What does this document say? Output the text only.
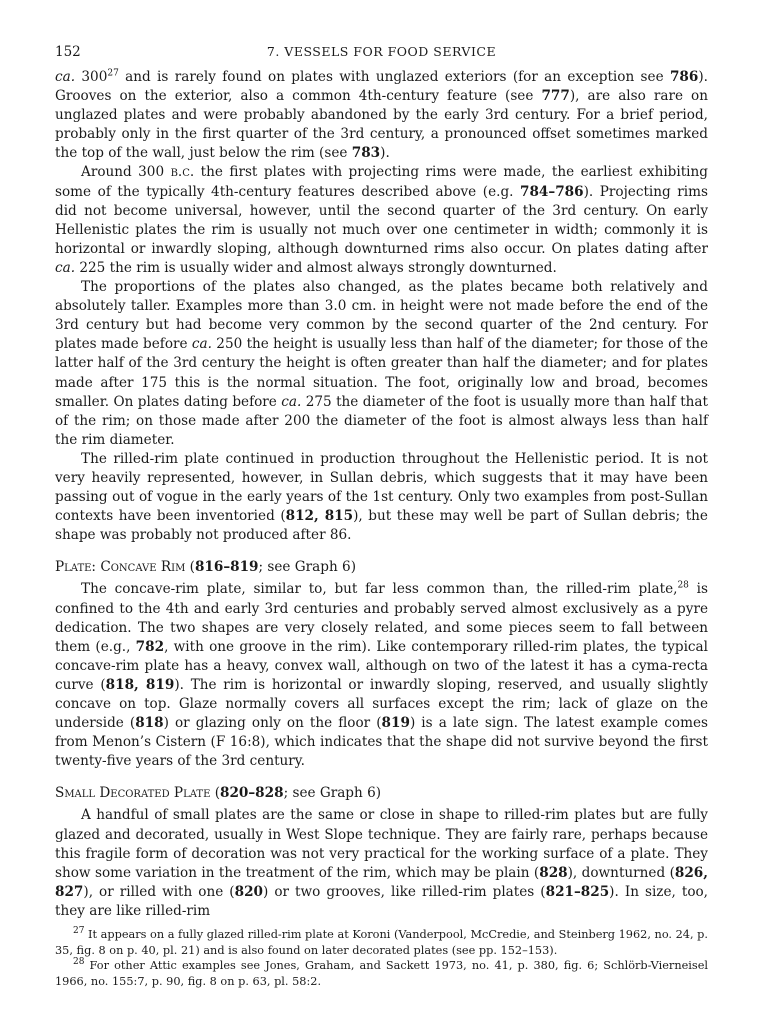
152	7. VESSELS FOR FOOD SERVICE

ca. $300^{27}$ and is rarely found on plates with unglazed exteriors (for an exception see 786). Grooves on the exterior, also a common 4th-century feature (see 777), are also rare on unglazed plates and were probably abandoned by the early 3rd century. For a brief period, probably only in the first quarter of the 3rd century, a pronounced offset sometimes marked the top of the wall, just below the rim (see 783).

Around 300 b.c. the first plates with projecting rims were made, the earliest exhibiting some of the typically 4th-century features described above (e.g. 784–786). Projecting rims did not become universal, however, until the second quarter of the 3rd century. On early Hellenistic plates the rim is usually not much over one centimeter in width; commonly it is horizontal or inwardly sloping, although downturned rims also occur. On plates dating after ca. 225 the rim is usually wider and almost always strongly downturned.

The proportions of the plates also changed, as the plates became both relatively and absolutely taller. Examples more than 3.0 cm. in height were not made before the end of the 3rd century but had become very common by the second quarter of the 2nd century. For plates made before ca. 250 the height is usually less than half of the diameter; for those of the latter half of the 3rd century the height is often greater than half the diameter; and for plates made after 175 this is the normal situation. The foot, originally low and broad, becomes smaller. On plates dating before ca. 275 the diameter of the foot is usually more than half that of the rim; on those made after 200 the diameter of the foot is almost always less than half the rim diameter.

The rilled-rim plate continued in production throughout the Hellenistic period. It is not very heavily represented, however, in Sullan debris, which suggests that it may have been passing out of vogue in the early years of the 1st century. Only two examples from post-Sullan contexts have been inventoried (812, 815), but these may well be part of Sullan debris; the shape was probably not produced after 86.

Plate: Concave Rim (816–819; see Graph 6)

The concave-rim plate, similar to, but far less common than, the rilled-rim plate,$^{28}$ is confined to the 4th and early 3rd centuries and probably served almost exclusively as a pyre dedication. The two shapes are very closely related, and some pieces seem to fall between them (e.g., 782, with one groove in the rim). Like contemporary rilled-rim plates, the typical concave-rim plate has a heavy, convex wall, although on two of the latest it has a cyma-recta curve (818, 819). The rim is horizontal or inwardly sloping, reserved, and usually slightly concave on top. Glaze normally covers all surfaces except the rim; lack of glaze on the underside (818) or glazing only on the floor (819) is a late sign. The latest example comes from Menon’s Cistern (F 16:8), which indicates that the shape did not survive beyond the first twenty-five years of the 3rd century.

Small Decorated Plate (820–828; see Graph 6)

A handful of small plates are the same or close in shape to rilled-rim plates but are fully glazed and decorated, usually in West Slope technique. They are fairly rare, perhaps because this fragile form of decoration was not very practical for the working surface of a plate. They show some variation in the treatment of the rim, which may be plain (828), downturned (826, 827), or rilled with one (820) or two grooves, like rilled-rim plates (821–825). In size, too, they are like rilled-rim

$^{27}$ It appears on a fully glazed rilled-rim plate at Koroni (Vanderpool, McCredie, and Steinberg 1962, no. 24, p. 35, fig. 8 on p. 40, pl. 21) and is also found on later decorated plates (see pp. 152–153).

$^{28}$ For other Attic examples see Jones, Graham, and Sackett 1973, no. 41, p. 380, fig. 6; Schlörb-Vierneisel 1966, no. 155:7, p. 90, fig. 8 on p. 63, pl. 58:2.
